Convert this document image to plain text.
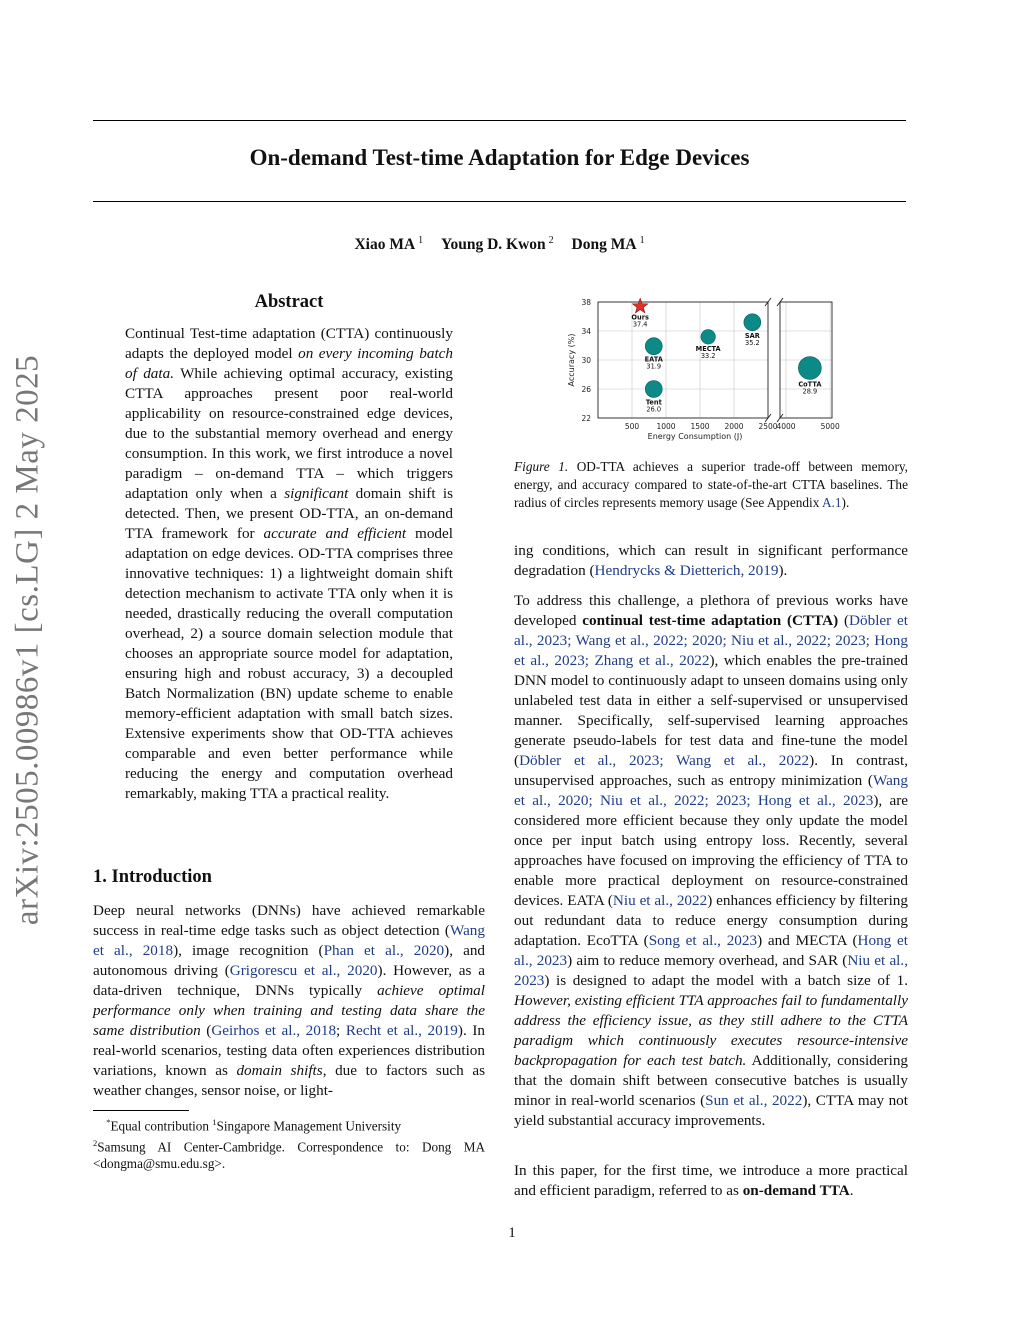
arXiv:2505.00986v1 [cs.LG] 2 May 2025
On-demand Test-time Adaptation for Edge Devices
Xiao MA $^1$ Young D. Kwon $^2$ Dong MA $^1$
Abstract
Continual Test-time adaptation (CTTA) continuously adapts the deployed model on every incoming batch of data. While achieving optimal accuracy, existing CTTA approaches present poor real-world applicability on resource-constrained edge devices, due to the substantial memory overhead and energy consumption. In this work, we first introduce a novel paradigm – on-demand TTA – which triggers adaptation only when a significant domain shift is detected. Then, we present OD-TTA, an on-demand TTA framework for accurate and efficient model adaptation on edge devices. OD-TTA comprises three innovative techniques: 1) a lightweight domain shift detection mechanism to activate TTA only when it is needed, drastically reducing the overall computation overhead, 2) a source domain selection module that chooses an appropriate source model for adaptation, ensuring high and robust accuracy, 3) a decoupled Batch Normalization (BN) update scheme to enable memory-efficient adaptation with small batch sizes. Extensive experiments show that OD-TTA achieves comparable and even better performance while reducing the energy and computation overhead remarkably, making TTA a practical reality.
1. Introduction
Deep neural networks (DNNs) have achieved remarkable success in real-time edge tasks such as object detection (Wang et al., 2018), image recognition (Phan et al., 2020), and autonomous driving (Grigorescu et al., 2020). However, as a data-driven technique, DNNs typically achieve optimal performance only when training and testing data share the same distribution (Geirhos et al., 2018; Recht et al., 2019). In real-world scenarios, testing data often experiences distribution variations, known as domain shifts, due to factors such as weather changes, sensor noise, or light-
*Equal contribution $^1$Singapore Management University
$^2$Samsung AI Center-Cambridge. Correspondence to: Dong MA <dongma@smu.edu.sg>.
22
26
30
34
38
500 1000 1500 2000 2500
4000	5000
Energy Consumption (J)
Accuracy (%)
Ours
37.4
EATA
31.9
Tent
26.0
MECTA
33.2
SAR
35.2
CoTTA
28.9
Figure 1. OD-TTA achieves a superior trade-off between memory, energy, and accuracy compared to state-of-the-art CTTA baselines. The radius of circles represents memory usage (See Appendix A.1).

ing conditions, which can result in significant performance degradation (Hendrycks & Dietterich, 2019).

To address this challenge, a plethora of previous works have developed continual test-time adaptation (CTTA) (Döbler et al., 2023; Wang et al., 2022; 2020; Niu et al., 2022; 2023; Hong et al., 2023; Zhang et al., 2022), which enables the pre-trained DNN model to continuously adapt to unseen domains using only unlabeled test data in either a self-supervised or unsupervised manner. Specifically, self-supervised learning approaches generate pseudo-labels for test data and fine-tune the model (Döbler et al., 2023; Wang et al., 2022). In contrast, unsupervised approaches, such as entropy minimization (Wang et al., 2020; Niu et al., 2022; 2023; Hong et al., 2023), are considered more efficient because they only update the model once per input batch using entropy loss. Recently, several approaches have focused on improving the efficiency of TTA to enable more practical deployment on resource-constrained devices. EATA (Niu et al., 2022) enhances efficiency by filtering out redundant data to reduce energy consumption during adaptation. EcoTTA (Song et al., 2023) and MECTA (Hong et al., 2023) aim to reduce memory overhead, and SAR (Niu et al., 2023) is designed to adapt the model with a batch size of 1. However, existing efficient TTA approaches fail to fundamentally address the efficiency issue, as they still adhere to the CTTA paradigm which continuously executes resource-intensive backpropagation for each test batch. Additionally, considering that the domain shift between consecutive batches is usually minor in real-world scenarios (Sun et al., 2022), CTTA may not yield substantial accuracy improvements.

In this paper, for the first time, we introduce a more practical and efficient paradigm, referred to as on-demand TTA.

1
